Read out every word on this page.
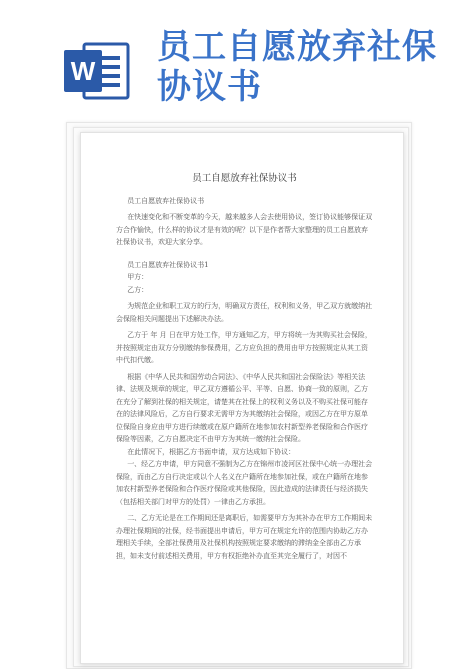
W
员工自愿放弃社保
协议书
员工自愿放弃社保协议书

员工自愿放弃社保协议书

在快速变化和不断变革的今天，越来越多人会去使用协议，签订协议能够保证双方合作愉快，什么样的协议才是有效的呢？以下是作者帮大家整理的员工自愿放弃社保协议书，欢迎大家分享。

员工自愿放弃社保协议书1

甲方：

乙方：

为规范企业和职工双方的行为，明确双方责任，权利和义务，甲乙双方就缴纳社会保险相关问题提出下述解决办法。

乙方于 年 月 日在甲方处工作，甲方通知乙方，甲方将统一为其购买社会保险，并按照规定由双方分别缴纳参保费用，乙方应负担的费用由甲方按照规定从其工资中代扣代缴。

根据《中华人民共和国劳动合同法》、《中华人民共和国社会保险法》等相关法律、法规及规章的规定，甲乙双方遵循公平、平等、自愿、协商一致的原则，乙方在充分了解到社保的相关规定，请楚其在社保上的权利义务以及不购买社保可能存在的法律风险后，乙方自行要求无需甲方为其缴纳社会保险，或因乙方在甲方原单位保险自身应由甲方进行续缴或在原户籍所在地参加农村新型养老保险和合作医疗保险等因素，乙方自愿决定不由甲方为其统一缴纳社会保险。

在此情况下，根据乙方书面申请，双方达成如下协议：

一、经乙方申请，甲方同意不强制为乙方在锦州市凌河区社保中心统一办理社会保险，而由乙方自行决定或以个人名义在户籍所在地参加社保，或在户籍所在地参加农村新型养老保险和合作医疗保险或其他保险，因此造成的法律责任与经济损失（包括相关部门对甲方的处罚）一律由乙方承担。

二、乙方无论是在工作期间还是离职后，如需要甲方为其补办在甲方工作期间未办理社保期间的社保，经书面提出申请后，甲方可在规定允许的范围内协助乙方办理相关手续，全部社保费用及社保机构按照规定要求缴纳的滞纳金全部由乙方承担，如未支付前述相关费用，甲方有权拒绝补办直至其完全履行了，对因不
